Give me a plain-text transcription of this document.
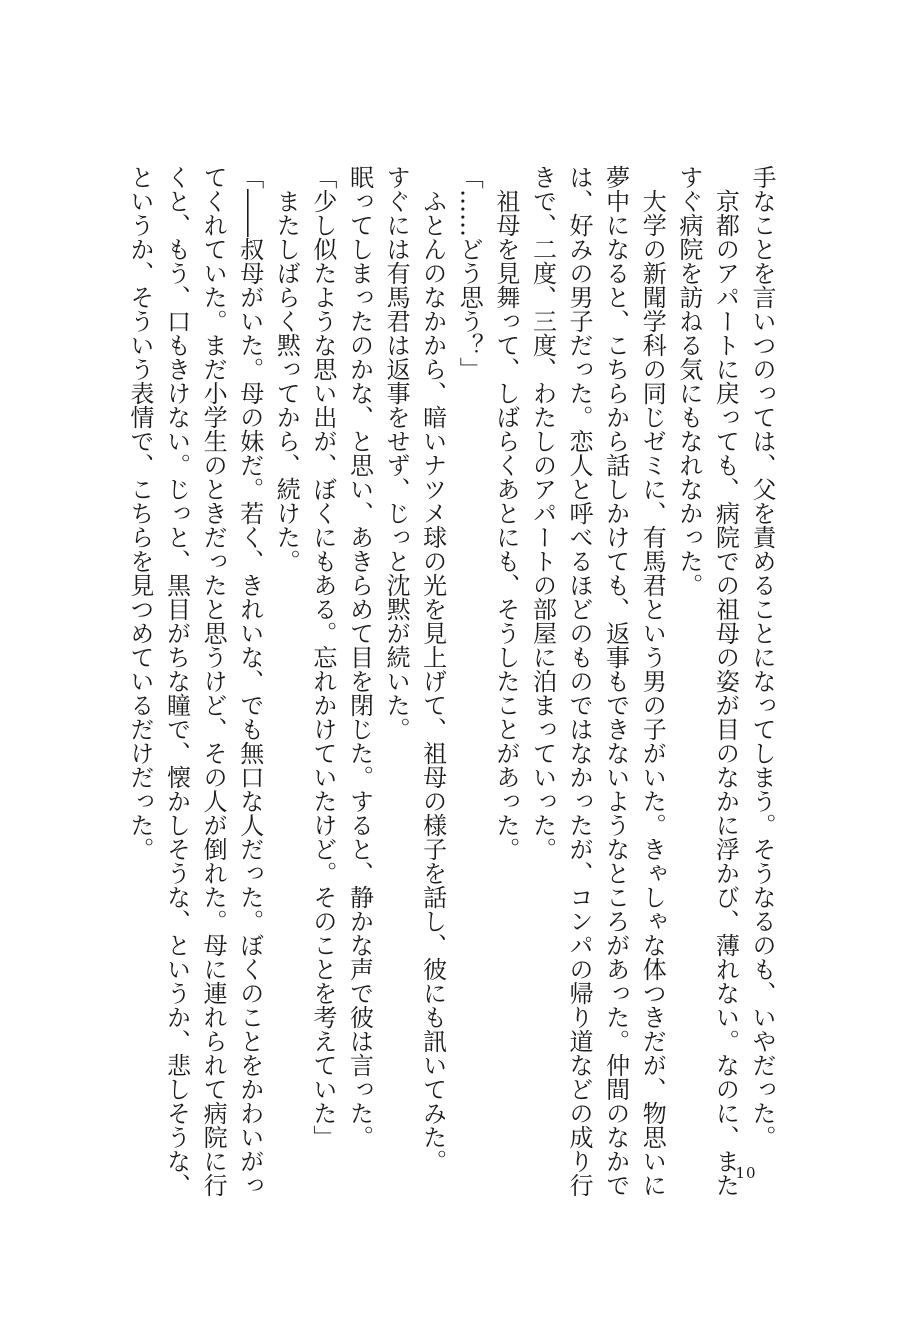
手なことを言いつのっては、父を責めることになってしまう。そうなるのも、いやだった。
　京都のアパートに戻っても、病院での祖母の姿が目のなかに浮かび、薄れない。なのに、また
すぐ病院を訪ねる気にもなれなかった。
　大学の新聞学科の同じゼミに、有馬君という男の子がいた。きゃしゃな体つきだが、物思いに
夢中になると、こちらから話しかけても、返事もできないようなところがあった。仲間のなかで
は、好みの男子だった。恋人と呼べるほどのものではなかったが、コンパの帰り道などの成り行
きで、二度、三度、わたしのアパートの部屋に泊まっていった。
　祖母を見舞って、しばらくあとにも、そうしたことがあった。
「……どう思う？」
　ふとんのなかから、暗いナツメ球の光を見上げて、祖母の様子を話し、彼にも訊いてみた。
すぐには有馬君は返事をせず、じっと沈黙が続いた。
眠ってしまったのかな、と思い、あきらめて目を閉じた。すると、静かな声で彼は言った。
「少し似たような思い出が、ぼくにもある。忘れかけていたけど。そのことを考えていた」
　またしばらく黙ってから、続けた。
「――叔母がいた。母の妹だ。若く、きれいな、でも無口な人だった。ぼくのことをかわいがっ
てくれていた。まだ小学生のときだったと思うけど、その人が倒れた。母に連れられて病院に行
くと、もう、口もきけない。じっと、黒目がちな瞳で、懐かしそうな、というか、悲しそうな、
というか、そういう表情で、こちらを見つめているだけだった。
10
